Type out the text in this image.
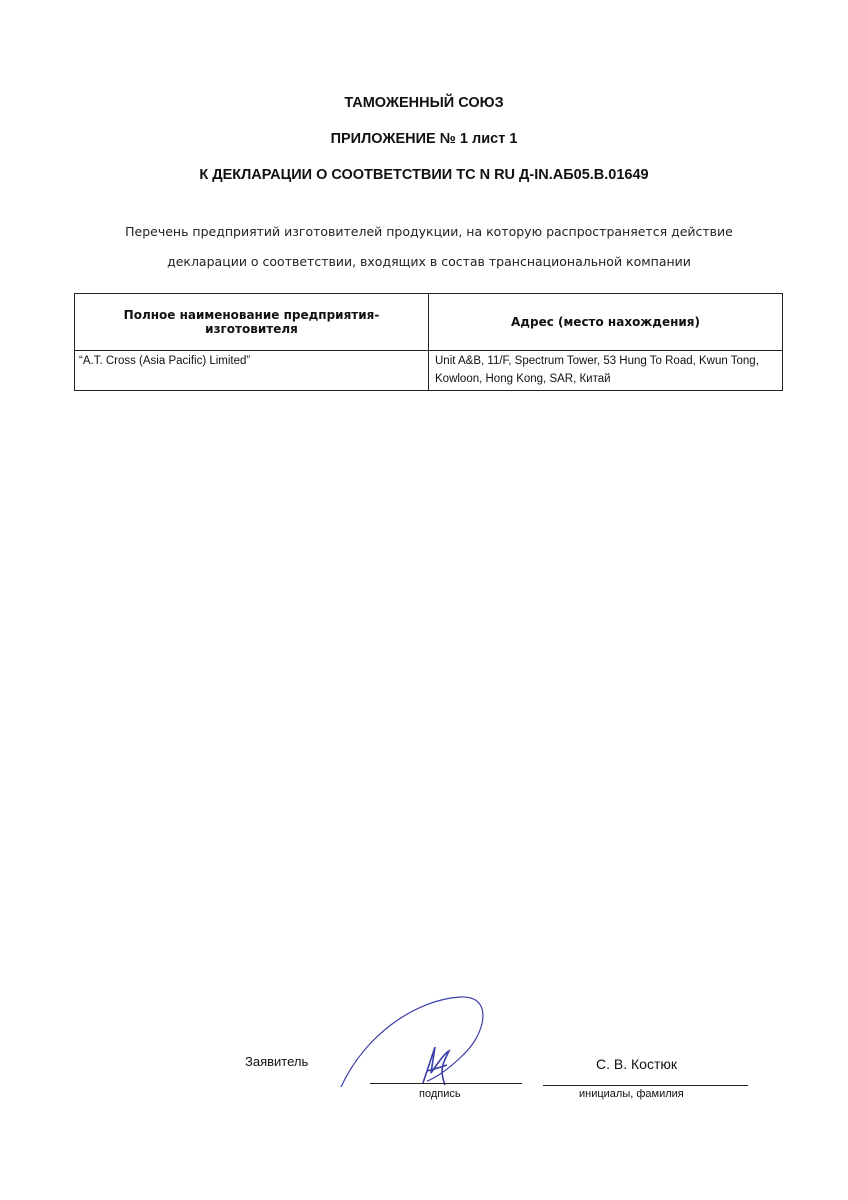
ТАМОЖЕННЫЙ СОЮЗ
ПРИЛОЖЕНИЕ № 1 лист 1
К ДЕКЛАРАЦИИ О СООТВЕТСТВИИ ТС N RU Д-IN.АБ05.В.01649
Перечень предприятий изготовителей продукции, на которую распространяется действие
декларации о соответствии, входящих в состав транснациональной компании
Полное наименование предприятия-изготовителя	Адрес (место нахождения)
“A.T. Cross (Asia Pacific) Limited”	Unit A&B, 11/F, Spectrum Tower, 53 Hung To Road, Kwun Tong, Kowloon, Hong Kong, SAR, Китай
Заявитель
подпись
С. В. Костюк
инициалы, фамилия
